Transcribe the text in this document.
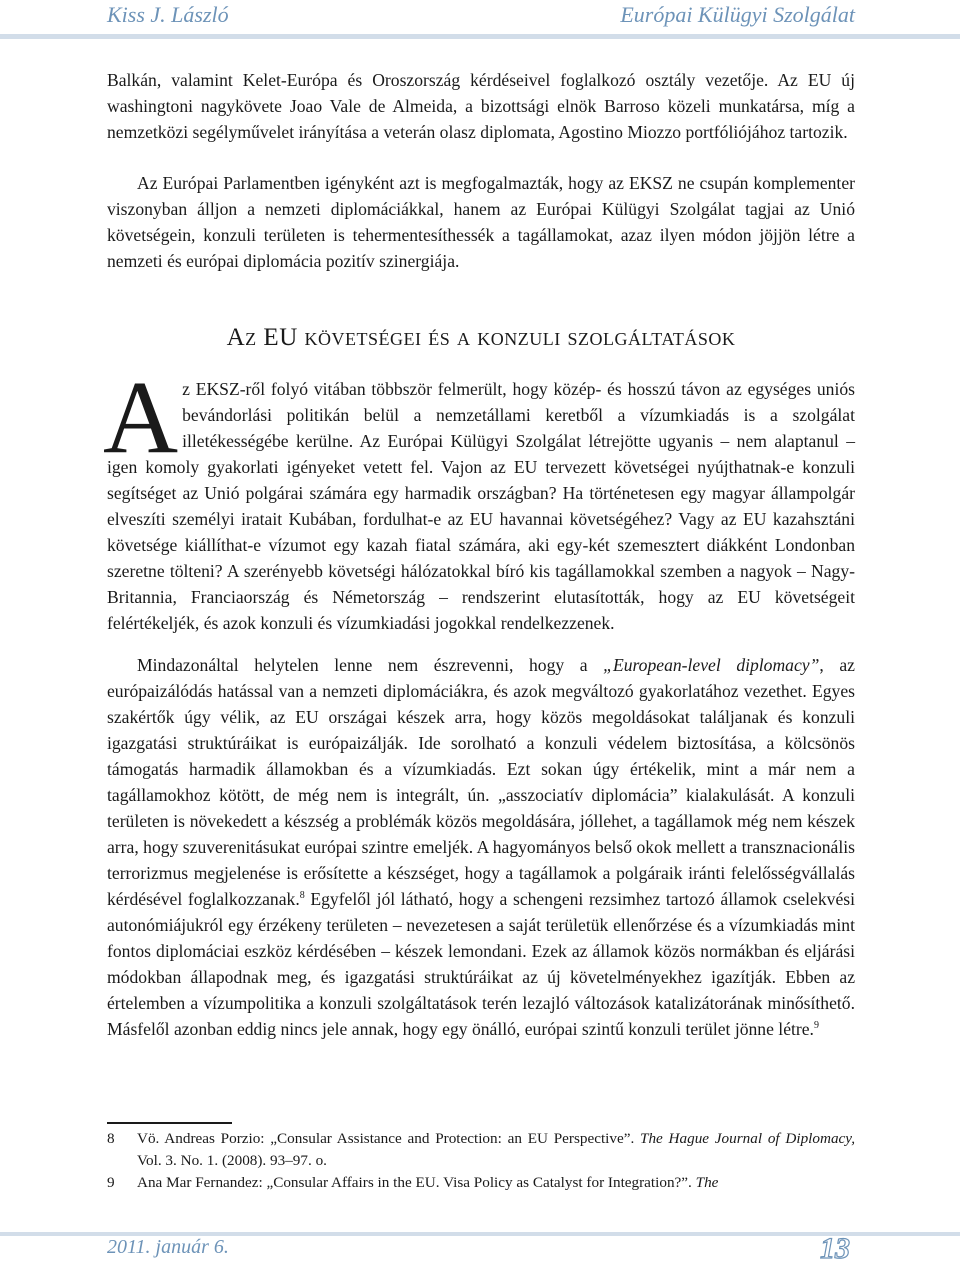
Kiss J. László	Európai Külügyi Szolgálat

Balkán, valamint Kelet-Európa és Oroszország kérdéseivel foglalkozó osztály vezetője. Az EU új washingtoni nagykövete Joao Vale de Almeida, a bizottsági elnök Barroso közeli munkatársa, míg a nemzetközi segélyművelet irányítása a veterán olasz diplomata, Agostino Miozzo portfóliójához tartozik.

Az Európai Parlamentben igényként azt is megfogalmazták, hogy az EKSZ ne csupán komplementer viszonyban álljon a nemzeti diplomáciákkal, hanem az Európai Külügyi Szolgálat tagjai az Unió követségein, konzuli területen is tehermentesíthessék a tagállamokat, azaz ilyen módon jöjjön létre a nemzeti és európai diplomácia pozitív szinergiája.

Az EU követségei és a konzuli szolgáltatások

Az EKSZ-ről folyó vitában többször felmerült, hogy közép- és hosszú távon az egységes uniós bevándorlási politikán belül a nemzetállami keretből a vízumkiadás is a szolgálat illetékességébe kerülne. Az Európai Külügyi Szolgálat létrejötte ugyanis – nem alaptanul – igen komoly gyakorlati igényeket vetett fel. Vajon az EU tervezett követségei nyújthatnak-e konzuli segítséget az Unió polgárai számára egy harmadik országban? Ha történetesen egy magyar állampolgár elveszíti személyi iratait Kubában, fordulhat-e az EU havannai követségéhez? Vagy az EU kazahsztáni követsége kiállíthat-e vízumot egy kazah fiatal számára, aki egy-két szemesztert diákként Londonban szeretne tölteni? A szerényebb követségi hálózatokkal bíró kis tagállamokkal szemben a nagyok – Nagy-Britannia, Franciaország és Németország – rendszerint elutasították, hogy az EU követségeit felértékeljék, és azok konzuli és vízumkiadási jogokkal rendelkezzenek.

Mindazonáltal helytelen lenne nem észrevenni, hogy a „European-level diplomacy”, az európaizálódás hatással van a nemzeti diplomáciákra, és azok megváltozó gyakorlatához vezethet. Egyes szakértők úgy vélik, az EU országai készek arra, hogy közös megoldásokat találjanak és konzuli igazgatási struktúráikat is európaizálják. Ide sorolható a konzuli védelem biztosítása, a kölcsönös támogatás harmadik államokban és a vízumkiadás. Ezt sokan úgy értékelik, mint a már nem a tagállamokhoz kötött, de még nem is integrált, ún. „asszociatív diplomácia” kialakulását. A konzuli területen is növekedett a készség a problémák közös megoldására, jóllehet, a tagállamok még nem készek arra, hogy szuverenitásukat európai szintre emeljék. A hagyományos belső okok mellett a transznacionális terrorizmus megjelenése is erősítette a készséget, hogy a tagállamok a polgáraik iránti felelősségvállalás kérdésével foglalkozzanak.$^8$ Egyfelől jól látható, hogy a schengeni rezsimhez tartozó államok cselekvési autonómiájukról egy érzékeny területen – nevezetesen a saját területük ellenőrzése és a vízumkiadás mint fontos diplomáciai eszköz kérdésében – készek lemondani. Ezek az államok közös normákban és eljárási módokban állapodnak meg, és igazgatási struktúráikat az új követelményekhez igazítják. Ebben az értelemben a vízumpolitika a konzuli szolgáltatások terén lezajló változások katalizátorának minősíthető. Másfelől azonban eddig nincs jele annak, hogy egy önálló, európai szintű konzuli terület jönne létre.$^9$

8	Vö. Andreas Porzio: „Consular Assistance and Protection: an EU Perspective”. The Hague Journal of Diplomacy, Vol. 3. No. 1. (2008). 93–97. o.
9	Ana Mar Fernandez: „Consular Affairs in the EU. Visa Policy as Catalyst for Integration?”. The
2011. január 6.	13
